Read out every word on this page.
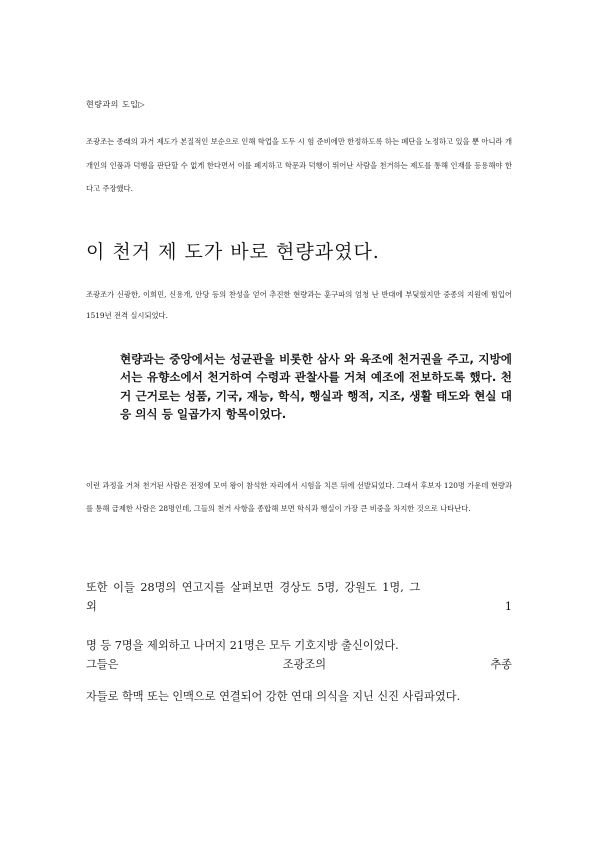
현량과의 도입▷
조광조는 종래의 과거 제도가 본질적인 보순으로 인해 학업을 도두 시 험 준비에만 한정하도록 하는 폐단을 노정하고 있을 뿐 아니라 개개인의 인품과 덕행을 판단할 수 없게 한다면서 이를 폐지하고 학문과 덕행이 뛰어난 사람을 천거하는 제도를 통해 인재를 등용해야 한다고 주장했다.
이 천거 제 도가 바로 현량과였다.
조광조가 신광한, 이희민, 신용개, 안당 등의 찬성을 얻어 추진한 현량과는 훈구파의 엄청 난 반대에 부딪혔지만 중종의 지원에 힘입어 1519년 전격 실시되었다.
현량과는 중앙에서는 성균관을 비롯한 삼사 와 육조에 천거권을 주고, 지방에서는 유향소에서 천거하여 수령과 관찰사를 거쳐 예조에 전보하도록 했다. 천거 근거로는 성품, 기국, 재능, 학식, 행실과 행적, 지조, 생활 태도와 현실 대응 의식 등 일곱가지 항목이었다.
이런 과정을 거쳐 천거된 사람은 전정에 모여 왕이 참석한 자리에서 시험을 치른 뒤에 선발되었다. 그래서 후보자 120명 가운데 현량과를 통해 급제한 사람은 28명인데, 그들의 천거 사항을 종합해 보면 학식과 행실이 가장 큰 비중을 차지한 것으로 나타난다.
또한 이들 28명의 연고지를 살펴보면 경상도 5명, 강원도 1명, 그
외	1
명 등 7명을 제외하고 나머지 21명은 모두 기호지방 출신이었다.
그들은	조광조의	추종
자들로 학맥 또는 인맥으로 연결되어 강한 연대 의식을 지닌 신진 사림파였다.
